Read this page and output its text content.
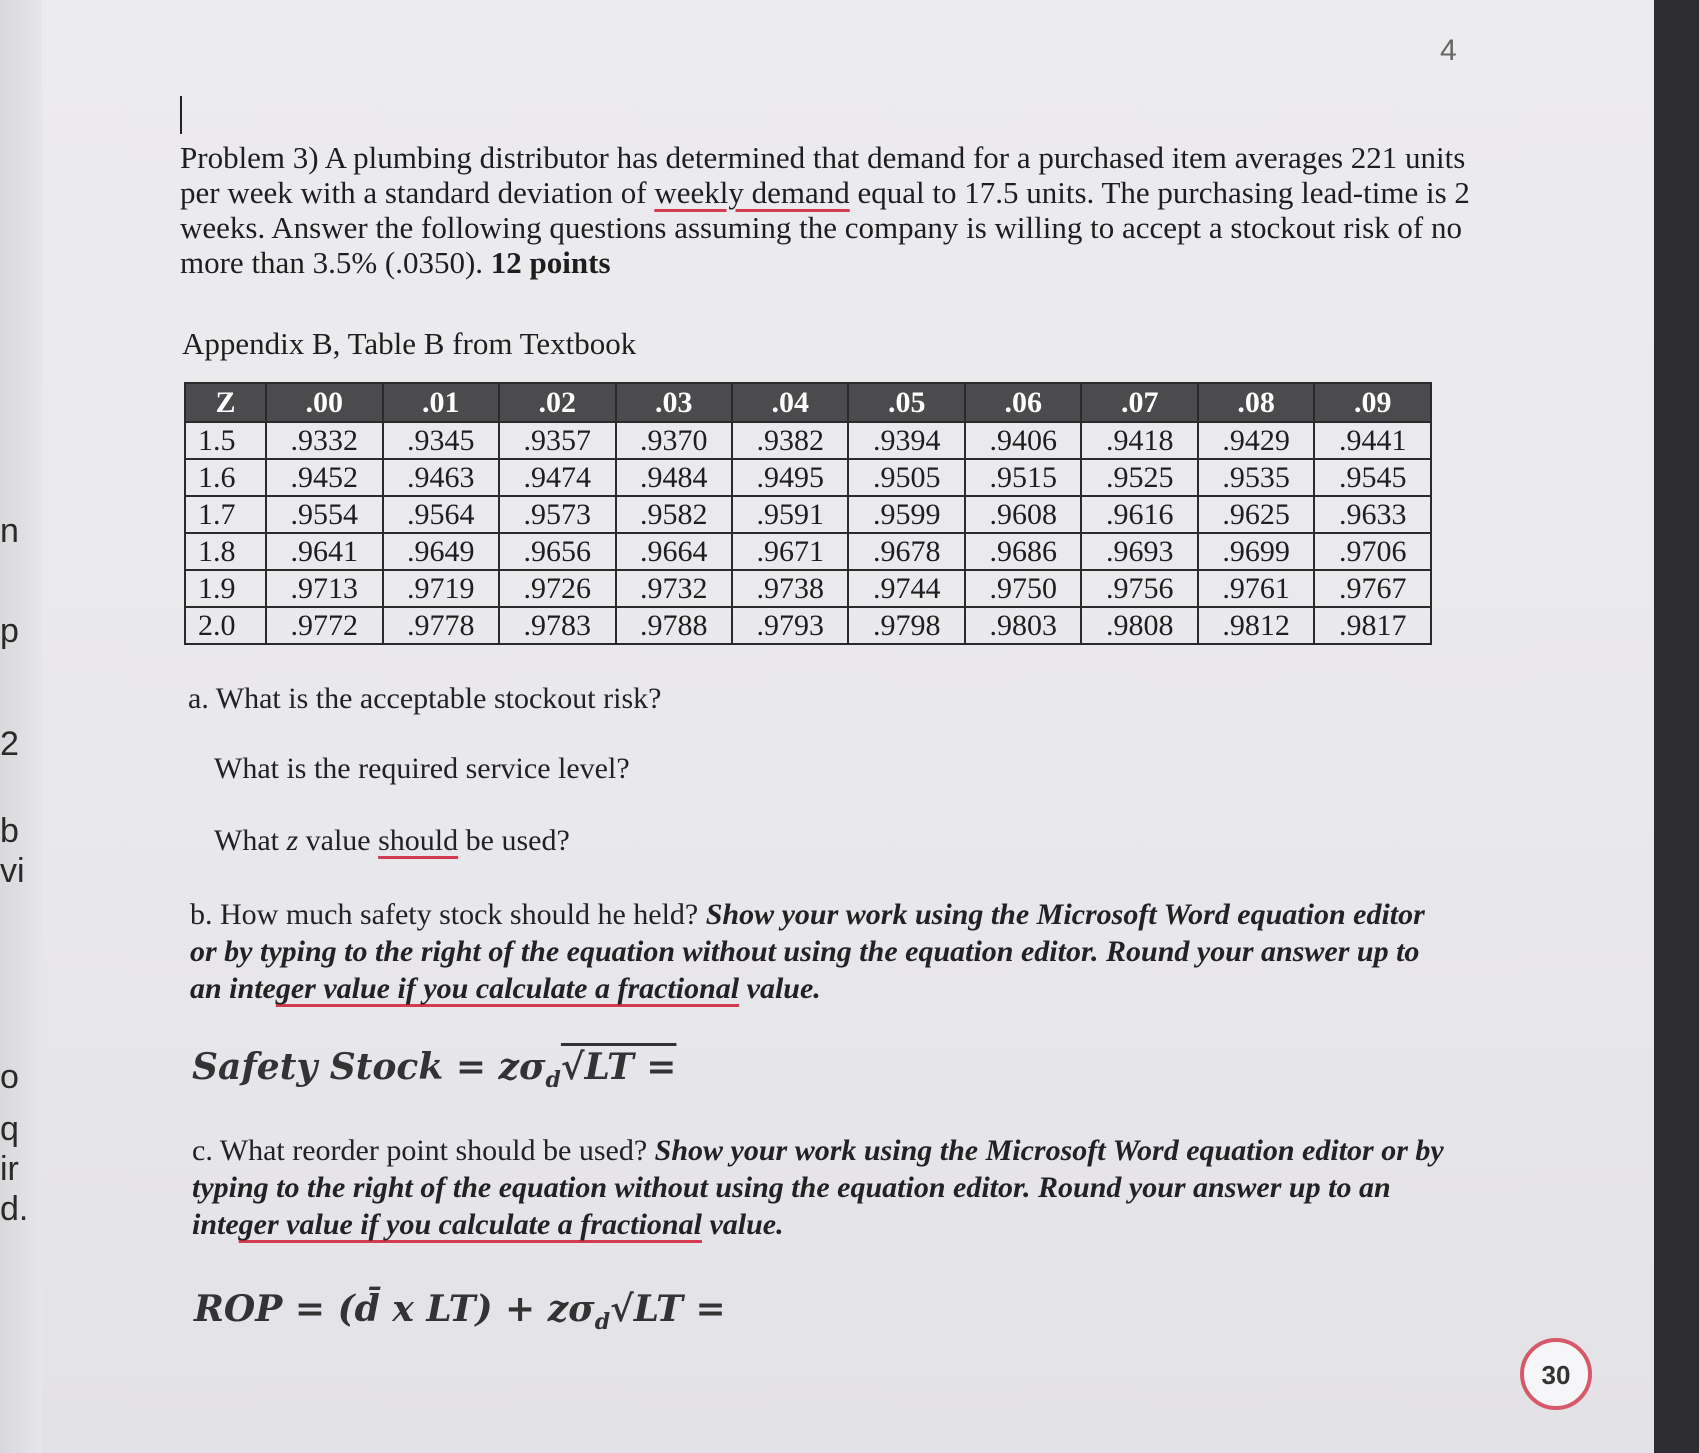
n
p
2
b
vi
o
q
ir
d.
4
Problem 3) A plumbing distributor has determined that demand for a purchased item averages 221 units
per week with a standard deviation of weekly demand equal to 17.5 units. The purchasing lead-time is 2
weeks. Answer the following questions assuming the company is willing to accept a stockout risk of no
more than 3.5% (.0350). 12 points
Appendix B, Table B from Textbook
Z	.00	.01	.02	.03	.04	.05	.06	.07	.08	.09
1.5	.9332	.9345	.9357	.9370	.9382	.9394	.9406	.9418	.9429	.9441
1.6	.9452	.9463	.9474	.9484	.9495	.9505	.9515	.9525	.9535	.9545
1.7	.9554	.9564	.9573	.9582	.9591	.9599	.9608	.9616	.9625	.9633
1.8	.9641	.9649	.9656	.9664	.9671	.9678	.9686	.9693	.9699	.9706
1.9	.9713	.9719	.9726	.9732	.9738	.9744	.9750	.9756	.9761	.9767
2.0	.9772	.9778	.9783	.9788	.9793	.9798	.9803	.9808	.9812	.9817
a. What is the acceptable stockout risk?
What is the required service level?
What z value should be used?
b. How much safety stock should he held? Show your work using the Microsoft Word equation editor
or by typing to the right of the equation without using the equation editor. Round your answer up to
an integer value if you calculate a fractional value.
Safety Stock = $z\sigma_d√LT$ =
c. What reorder point should be used? Show your work using the Microsoft Word equation editor or by
typing to the right of the equation without using the equation editor. Round your answer up to an
integer value if you calculate a fractional value.
ROP = (d̄ x $LT) + z\sigma_d√LT$ =
30
